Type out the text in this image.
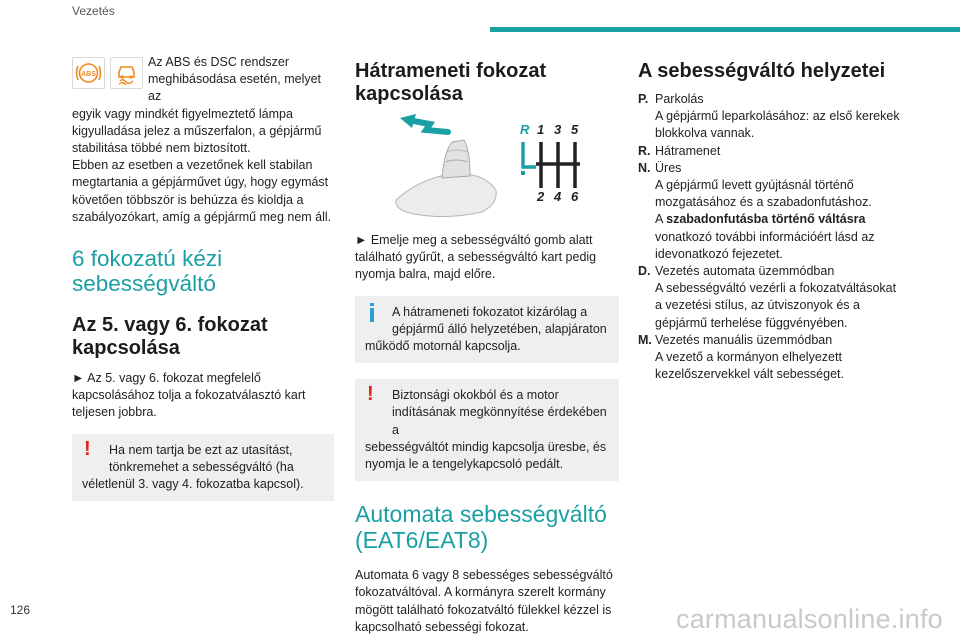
Vezetés
ABS

Az ABS és DSC rendszer

meghibásodása esetén, melyet az

egyik vagy mindkét figyelmeztető lámpa kigyulladása jelez a műszerfalon, a gépjármű stabilitása többé nem biztosított.

Ebben az esetben a vezetőnek kell stabilan megtartania a gépjárművet úgy, hogy egymást követően többször is behúzza és kioldja a szabályozókart, amíg a gépjármű meg nem áll.

6 fokozatú kézi sebességváltó
Az 5. vagy 6. fokozat kapcsolása

► Az 5. vagy 6. fokozat megfelelő kapcsolásához tolja a fokozatválasztó kart teljesen jobbra.

!	Ha nem tartja be ezt az utasítást,

tönkremehet a sebességváltó (ha

véletlenül 3. vagy 4. fokozatba kapcsol).

Hátrameneti fokozat kapcsolása
R 1 3 5
2 4 6

► Emelje meg a sebességváltó gomb alatt található gyűrűt, a sebességváltó kart pedig nyomja balra, majd előre.

A hátrameneti fokozatot kizárólag a

gépjármű álló helyzetében, alapjáraton

működő motornál kapcsolja.

!	Biztonsági okokból és a motor

indításának megkönnyítése érdekében a

sebességváltót mindig kapcsolja üresbe, és nyomja le a tengelykapcsoló pedált.

Automata sebességváltó (EAT6/EAT8)

Automata 6 vagy 8 sebességes sebességváltó fokozatváltóval. A kormányra szerelt kormány mögött található fokozatváltó fülekkel kézzel is kapcsolható sebességi fokozat.

A sebességváltó helyzetei
P. Parkolás
A gépjármű leparkolásához: az első kerekek blokkolva vannak.
R. Hátramenet
N. Üres
A gépjármű levett gyújtásnál történő mozgatásához és a szabadonfutáshoz.
A szabadonfutásba történő váltásra vonatkozó további információért lásd az idevonatkozó fejezetet.
D. Vezetés automata üzemmódban
A sebességváltó vezérli a fokozatváltásokat a vezetési stílus, az útviszonyok és a gépjármű terhelése függvényében.
M. Vezetés manuális üzemmódban
A vezető a kormányon elhelyezett kezelőszervekkel vált sebességet.
126	carmanualsonline.info
